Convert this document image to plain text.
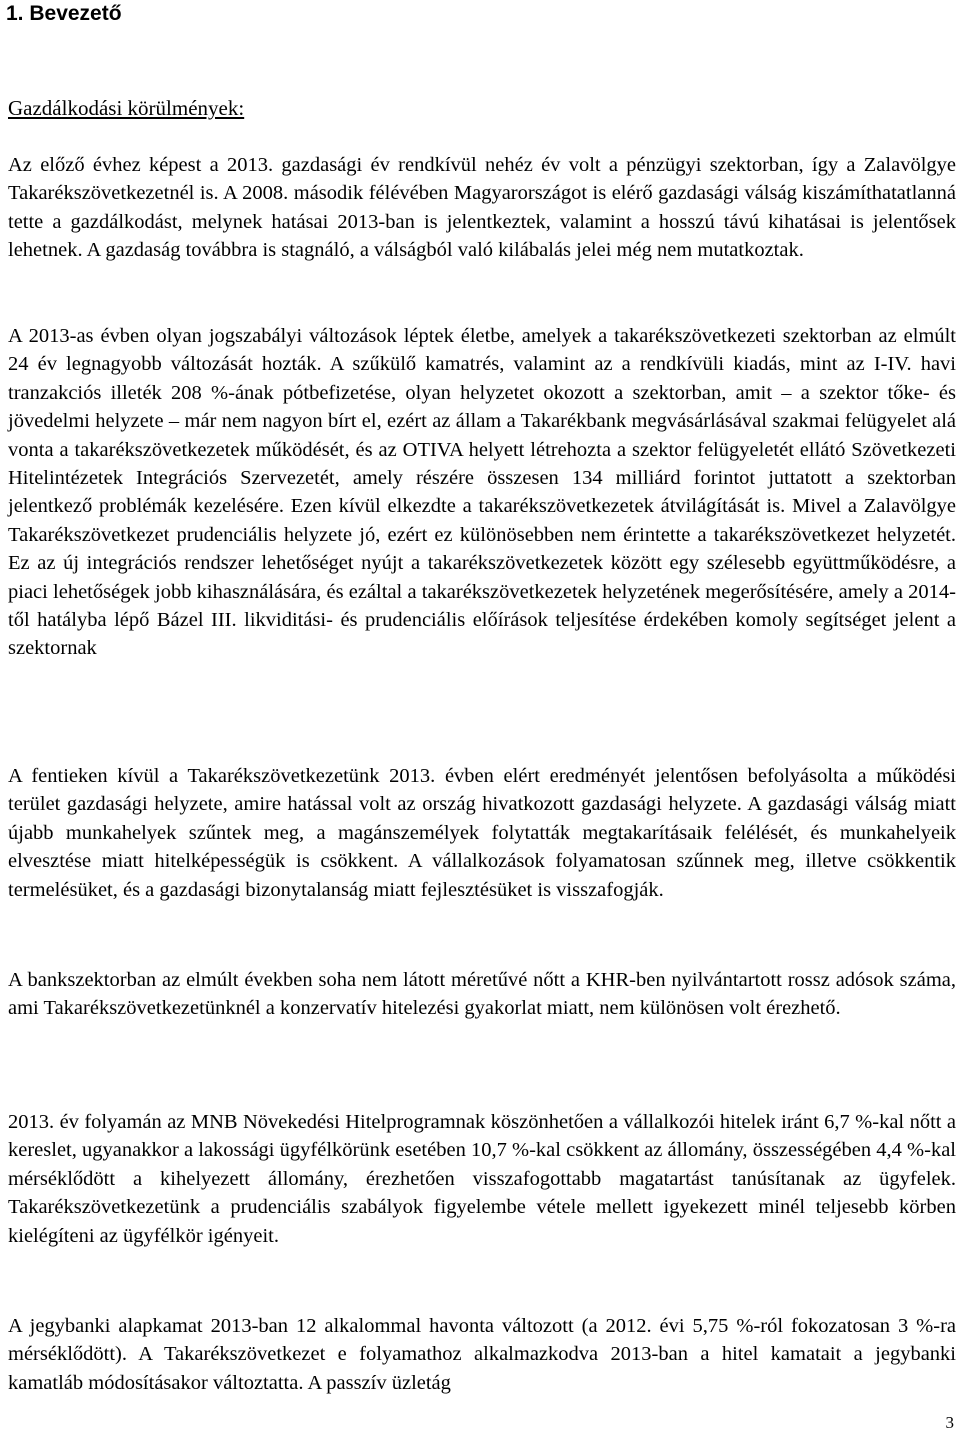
1. Bevezető

Gazdálkodási körülmények:

Az előző évhez képest a 2013. gazdasági év rendkívül nehéz év volt a pénzügyi szektorban, így a Zalavölgye Takarékszövetkezetnél is. A 2008. második félévében Magyarországot is elérő gazdasági válság kiszámíthatatlanná tette a gazdálkodást, melynek hatásai 2013-ban is jelentkeztek, valamint a hosszú távú kihatásai is jelentősek lehetnek. A gazdaság továbbra is stagnáló, a válságból való kilábalás jelei még nem mutatkoztak.

A 2013-as évben olyan jogszabályi változások léptek életbe, amelyek a takarékszövetkezeti szektorban az elmúlt 24 év legnagyobb változását hozták. A szűkülő kamatrés, valamint az a rendkívüli kiadás, mint az I-IV. havi tranzakciós illeték 208 %-ának pótbefizetése, olyan helyzetet okozott a szektorban, amit – a szektor tőke- és jövedelmi helyzete – már nem nagyon bírt el, ezért az állam a Takarékbank megvásárlásával szakmai felügyelet alá vonta a takarékszövetkezetek működését, és az OTIVA helyett létrehozta a szektor felügyeletét ellátó Szövetkezeti Hitelintézetek Integrációs Szervezetét, amely részére összesen 134 milliárd forintot juttatott a szektorban jelentkező problémák kezelésére. Ezen kívül elkezdte a takarékszövetkezetek átvilágítását is. Mivel a Zalavölgye Takarékszövetkezet prudenciális helyzete jó, ezért ez különösebben nem érintette a takarékszövetkezet helyzetét. Ez az új integrációs rendszer lehetőséget nyújt a takarékszövetkezetek között egy szélesebb együttműködésre, a piaci lehetőségek jobb kihasználására, és ezáltal a takarékszövetkezetek helyzetének megerősítésére, amely a 2014-től hatályba lépő Bázel III. likviditási- és prudenciális előírások teljesítése érdekében komoly segítséget jelent a szektornak

A fentieken kívül a Takarékszövetkezetünk 2013. évben elért eredményét jelentősen befolyásolta a működési terület gazdasági helyzete, amire hatással volt az ország hivatkozott gazdasági helyzete. A gazdasági válság miatt újabb munkahelyek szűntek meg, a magánszemélyek folytatták megtakarításaik felélését, és munkahelyeik elvesztése miatt hitelképességük is csökkent. A vállalkozások folyamatosan szűnnek meg, illetve csökkentik termelésüket, és a gazdasági bizonytalanság miatt fejlesztésüket is visszafogják.

A bankszektorban az elmúlt években soha nem látott méretűvé nőtt a KHR-ben nyilvántartott rossz adósok száma, ami Takarékszövetkezetünknél a konzervatív hitelezési gyakorlat miatt, nem különösen volt érezhető.

2013. év folyamán az MNB Növekedési Hitelprogramnak köszönhetően a vállalkozói hitelek iránt 6,7 %-kal nőtt a kereslet, ugyanakkor a lakossági ügyfélkörünk esetében 10,7 %-kal csökkent az állomány, összességében 4,4 %-kal mérséklődött a kihelyezett állomány, érezhetően visszafogottabb magatartást tanúsítanak az ügyfelek. Takarékszövetkezetünk a prudenciális szabályok figyelembe vétele mellett igyekezett minél teljesebb körben kielégíteni az ügyfélkör igényeit.

A jegybanki alapkamat 2013-ban 12 alkalommal havonta változott (a 2012. évi 5,75 %-ról fokozatosan 3 %-ra mérséklődött). A Takarékszövetkezet e folyamathoz alkalmazkodva 2013-ban a hitel kamatait a jegybanki kamatláb módosításakor változtatta. A passzív üzletág

3
